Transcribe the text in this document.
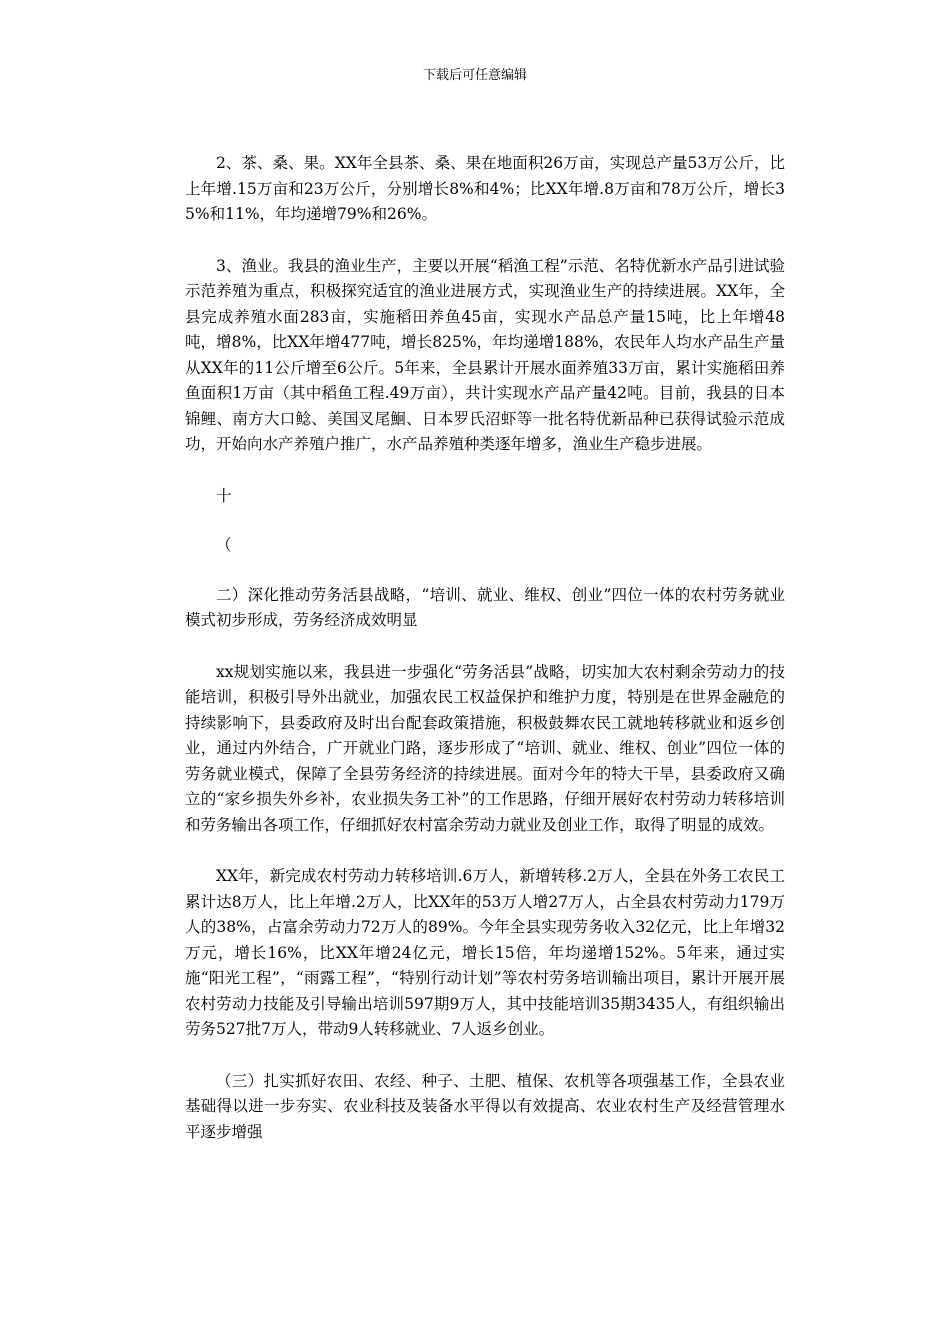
下载后可任意编辑

2、茶、桑、果。XX年全县茶、桑、果在地面积26万亩，实现总产量53万公斤，比上年增.15万亩和23万公斤，分别增长8%和4%；比XX年增.8万亩和78万公斤，增长35%和11%，年均递增79%和26%。

3、渔业。我县的渔业生产，主要以开展“稻渔工程”示范、名特优新水产品引进试验示范养殖为重点，积极探究适宜的渔业进展方式，实现渔业生产的持续进展。XX年，全县完成养殖水面283亩，实施稻田养鱼45亩，实现水产品总产量15吨，比上年增48吨，增8%，比XX年增477吨，增长825%，年均递增188%，农民年人均水产品生产量从XX年的11公斤增至6公斤。5年来，全县累计开展水面养殖33万亩，累计实施稻田养鱼面积1万亩（其中稻鱼工程.49万亩），共计实现水产品产量42吨。目前，我县的日本锦鲤、南方大口鲶、美国叉尾鮰、日本罗氏沼虾等一批名特优新品种已获得试验示范成功，开始向水产养殖户推广，水产品养殖种类逐年增多，渔业生产稳步进展。

十

（

二）深化推动劳务活县战略，“培训、就业、维权、创业”四位一体的农村劳务就业模式初步形成，劳务经济成效明显

xx规划实施以来，我县进一步强化“劳务活县”战略，切实加大农村剩余劳动力的技能培训，积极引导外出就业，加强农民工权益保护和维护力度，特别是在世界金融危的持续影响下，县委政府及时出台配套政策措施，积极鼓舞农民工就地转移就业和返乡创业，通过内外结合，广开就业门路，逐步形成了“培训、就业、维权、创业”四位一体的劳务就业模式，保障了全县劳务经济的持续进展。面对今年的特大干旱，县委政府又确立的“家乡损失外乡补，农业损失务工补”的工作思路，仔细开展好农村劳动力转移培训和劳务输出各项工作，仔细抓好农村富余劳动力就业及创业工作，取得了明显的成效。

XX年，新完成农村劳动力转移培训.6万人，新增转移.2万人，全县在外务工农民工累计达8万人，比上年增.2万人，比XX年的53万人增27万人，占全县农村劳动力179万人的38%，占富余劳动力72万人的89%。今年全县实现劳务收入32亿元，比上年增32万元，增长16%，比XX年增24亿元，增长15倍，年均递增152%。5年来，通过实施“阳光工程”，“雨露工程”，“特别行动计划”等农村劳务培训输出项目，累计开展开展农村劳动力技能及引导输出培训597期9万人，其中技能培训35期3435人，有组织输出劳务527批7万人，带动9人转移就业、7人返乡创业。

（三）扎实抓好农田、农经、种子、土肥、植保、农机等各项强基工作，全县农业基础得以进一步夯实、农业科技及装备水平得以有效提高、农业农村生产及经营管理水平逐步增强
